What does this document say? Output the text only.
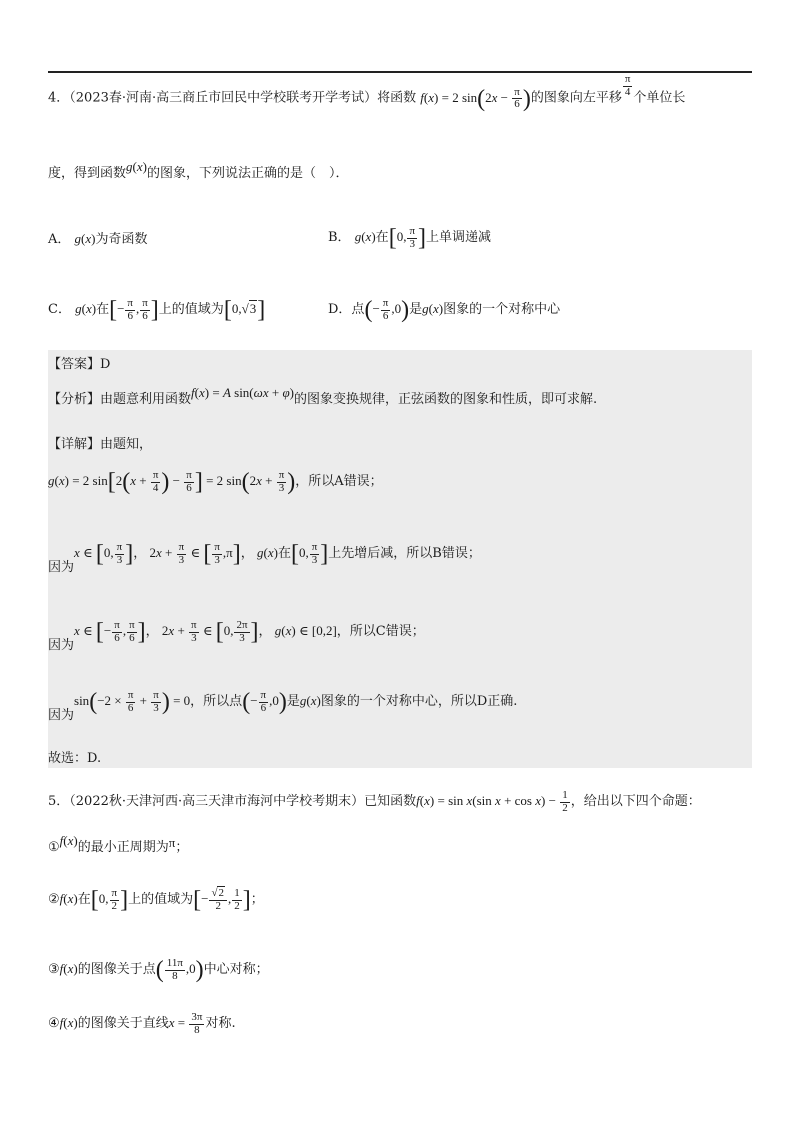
4．（2023春·河南·高三商丘市回民中学校联考开学考试）将函数 f(x) = 2 $\sin(2x - \frac{\pi}{6}$ )的图象向左平移 $\frac{\pi}{4}$ 个单位长
度，得到函数g(x)的图象，下列说法正确的是（　）．
A． g(x)为奇函数	B． g(x)在[0, $\frac{\pi}{3}$ ]上单调递减
C． g(x)在[− $\frac{\pi}{6}$ , $\frac{\pi}{6}$ ]上的值域为[0,√3]	D．点(− $\frac{\pi}{6} ,0$)是g(x)图象的一个对称中心
【答案】D
【分析】由题意利用函数f(x) = A sin(ωx + φ)的图象变换规律，正弦函数的图象和性质，即可求解.
【详解】由题知，
g(x) = 2 $\sin[2(x + \frac{\pi}{4}$ ) − $\frac{\pi}{6}$ ] = 2 $\sin(2x + \frac{\pi}{3}$ )，所以A错误；
因为x ∈ [0, $\frac{\pi}{3}$ ]， $2x + \frac{\pi}{3}$ ∈ [ $\frac{\pi}{3} ,\pi$]， g(x)在[0, $\frac{\pi}{3}$ ]上先增后减，所以B错误；
因为x ∈ [− $\frac{\pi}{6}$ , $\frac{\pi}{6}$ ]， $2x + \frac{\pi}{3}$ ∈ [0, $\frac{2\pi}{3}$ ]， g(x) ∈ [0,2]，所以C错误；
因为$\sin(-2 \times \frac{\pi}{6} + \frac{\pi}{3}$ ) = 0，所以点(− $\frac{\pi}{6} ,0$)是g(x)图象的一个对称中心，所以D正确.
故选：D.
5．（2022秋·天津河西·高三天津市海河中学校考期末）已知函数f(x) = sin x(sin $x + \cos x) - \frac{1}{2}$ ，给出以下四个命题：
①f(x)的最小正周期为π；
②f(x)在[0, $\frac{\pi}{2}$ ]上的值域为[− $\frac{√2}{2}$ , $\frac{1}{2}$ ]；
③f(x)的图像关于点( $\frac{11\pi}{8} ,0$)中心对称；
④f(x)的图像关于直线$x = \frac{3\pi}{8}$ 对称.
